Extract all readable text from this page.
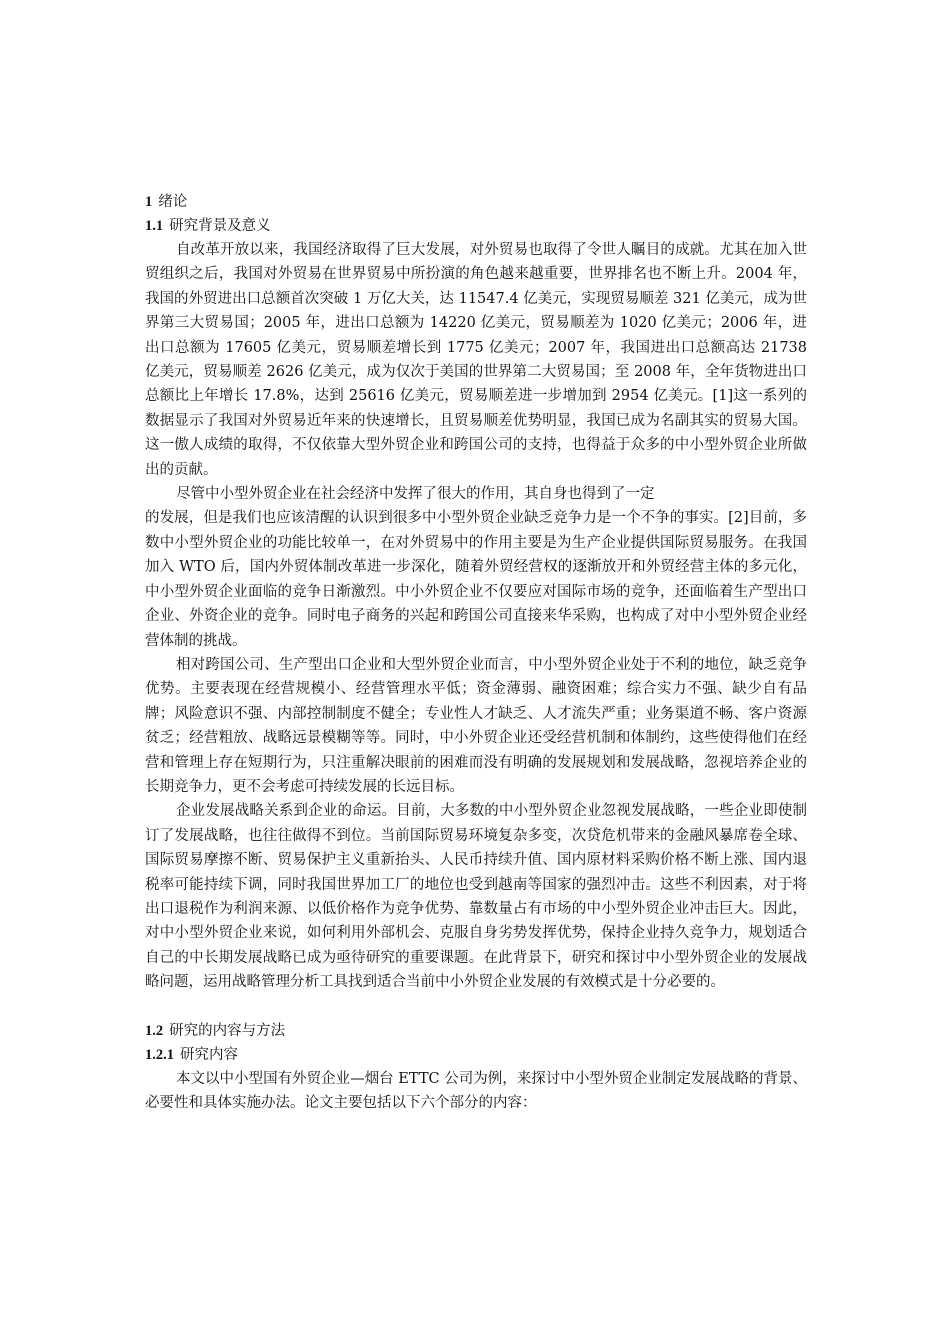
1 绪论

1.1 研究背景及意义

自改革开放以来，我国经济取得了巨大发展，对外贸易也取得了令世人瞩目的成就。尤其在加入世贸组织之后，我国对外贸易在世界贸易中所扮演的角色越来越重要，世界排名也不断上升。2004 年，我国的外贸进出口总额首次突破 1 万亿大关，达 11547.4 亿美元，实现贸易顺差 321 亿美元，成为世界第三大贸易国；2005 年，进出口总额为 14220 亿美元，贸易顺差为 1020 亿美元；2006 年，进出口总额为 17605 亿美元，贸易顺差增长到 1775 亿美元；2007 年，我国进出口总额高达 21738 亿美元，贸易顺差 2626 亿美元，成为仅次于美国的世界第二大贸易国；至 2008 年，全年货物进出口总额比上年增长 17.8%，达到 25616 亿美元，贸易顺差进一步增加到 2954 亿美元。[1]这一系列的数据显示了我国对外贸易近年来的快速增长，且贸易顺差优势明显，我国已成为名副其实的贸易大国。这一傲人成绩的取得，不仅依靠大型外贸企业和跨国公司的支持，也得益于众多的中小型外贸企业所做出的贡献。

尽管中小型外贸企业在社会经济中发挥了很大的作用，其自身也得到了一定

的发展，但是我们也应该清醒的认识到很多中小型外贸企业缺乏竞争力是一个不争的事实。[2]目前，多数中小型外贸企业的功能比较单一，在对外贸易中的作用主要是为生产企业提供国际贸易服务。在我国加入 WTO 后，国内外贸体制改革进一步深化，随着外贸经营权的逐渐放开和外贸经营主体的多元化，中小型外贸企业面临的竞争日渐激烈。中小外贸企业不仅要应对国际市场的竞争，还面临着生产型出口企业、外资企业的竞争。同时电子商务的兴起和跨国公司直接来华采购，也构成了对中小型外贸企业经营体制的挑战。

相对跨国公司、生产型出口企业和大型外贸企业而言，中小型外贸企业处于不利的地位，缺乏竞争优势。主要表现在经营规模小、经营管理水平低；资金薄弱、融资困难；综合实力不强、缺少自有品牌；风险意识不强、内部控制制度不健全；专业性人才缺乏、人才流失严重；业务渠道不畅、客户资源贫乏；经营粗放、战略远景模糊等等。同时，中小外贸企业还受经营机制和体制约，这些使得他们在经营和管理上存在短期行为，只注重解决眼前的困难而没有明确的发展规划和发展战略，忽视培养企业的长期竞争力，更不会考虑可持续发展的长远目标。

企业发展战略关系到企业的命运。目前，大多数的中小型外贸企业忽视发展战略，一些企业即使制订了发展战略，也往往做得不到位。当前国际贸易环境复杂多变，次贷危机带来的金融风暴席卷全球、国际贸易摩擦不断、贸易保护主义重新抬头、人民币持续升值、国内原材料采购价格不断上涨、国内退税率可能持续下调，同时我国世界加工厂的地位也受到越南等国家的强烈冲击。这些不利因素，对于将出口退税作为利润来源、以低价格作为竞争优势、靠数量占有市场的中小型外贸企业冲击巨大。因此，对中小型外贸企业来说，如何利用外部机会、克服自身劣势发挥优势，保持企业持久竞争力，规划适合自己的中长期发展战略已成为亟待研究的重要课题。在此背景下，研究和探讨中小型外贸企业的发展战略问题，运用战略管理分析工具找到适合当前中小外贸企业发展的有效模式是十分必要的。

1.2 研究的内容与方法

1.2.1 研究内容

本文以中小型国有外贸企业—烟台 ETTC 公司为例，来探讨中小型外贸企业制定发展战略的背景、必要性和具体实施办法。论文主要包括以下六个部分的内容：
